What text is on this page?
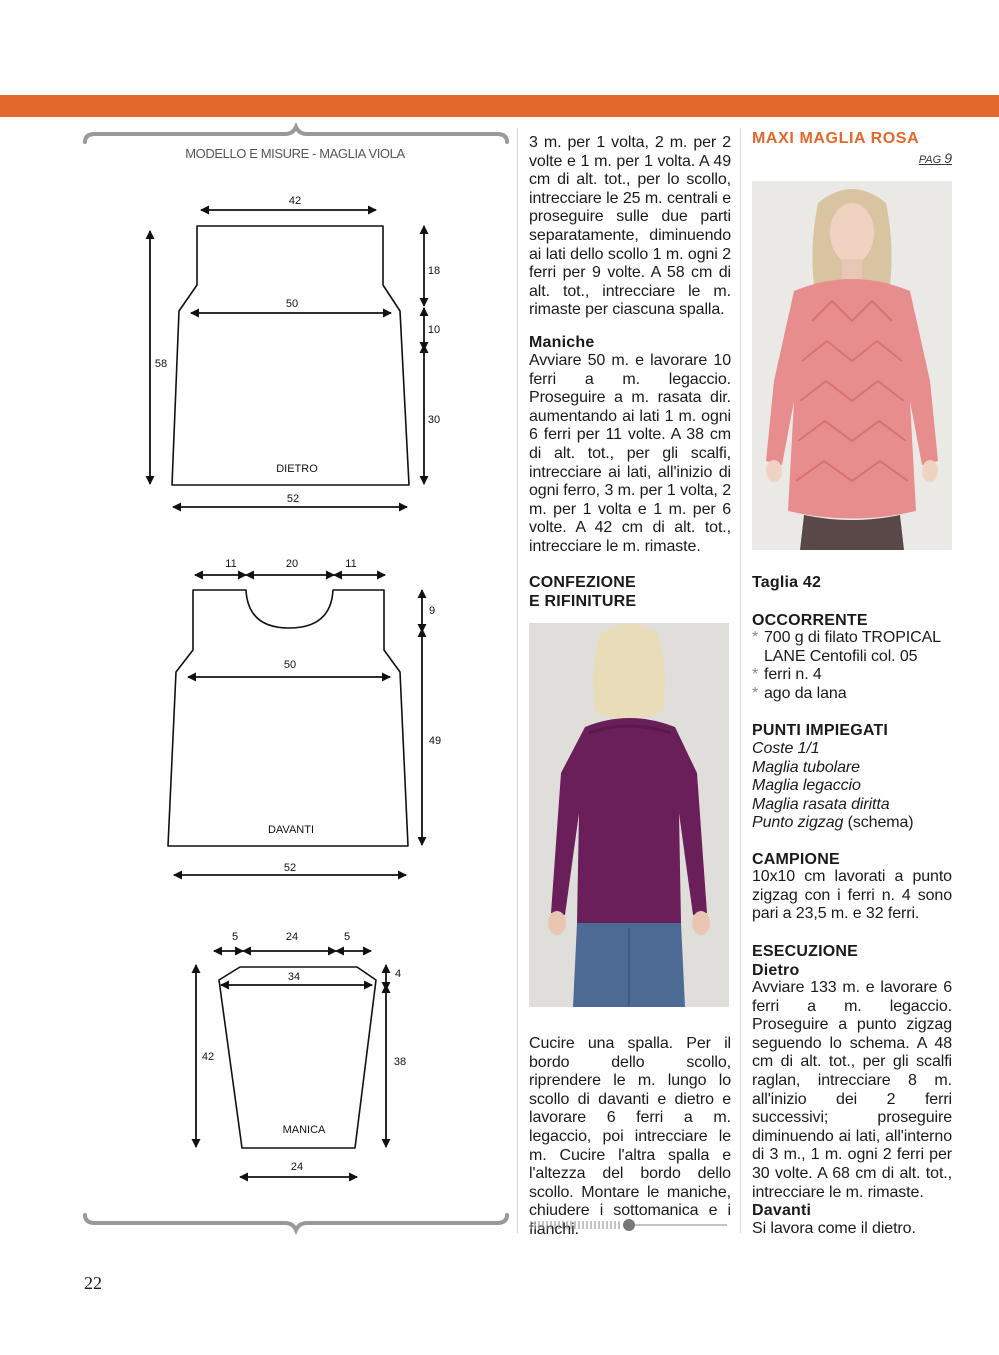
MODELLO E MISURE - MAGLIA VIOLA
42
50
52
58
18
10
30
DIETRO
11	20	11
50
52
9
49
DAVANTI
5	24	5
34
24
42
4
38
MANICA
3 m. per 1 volta, 2 m. per 2 volte e 1 m. per 1 volta. A 49 cm di alt. tot., per lo scollo, intrecciare le 25 m. centrali e proseguire sulle due parti separatamente, diminuendo ai lati dello scollo 1 m. ogni 2 ferri per 9 volte. A 58 cm di alt. tot., intrecciare le m. rimaste per ciascuna spalla.
Maniche
Avviare 50 m. e lavorare 10 ferri a m. legaccio. Proseguire a m. rasata dir. aumentando ai lati 1 m. ogni 6 ferri per 11 volte. A 38 cm di alt. tot., per gli scalfi, intrecciare ai lati, all'inizio di ogni ferro, 3 m. per 1 volta, 2 m. per 1 volta e 1 m. per 6 volte. A 42 cm di alt. tot., intrecciare le m. rimaste.
CONFEZIONE
E RIFINITURE
Cucire una spalla. Per il bordo dello scollo, riprendere le m. lungo lo scollo di davanti e dietro e lavorare 6 ferri a m. legaccio, poi intrecciare le m. Cucire l'altra spalla e l'altezza del bordo dello scollo. Montare le maniche, chiudere i sottomanica e i fianchi.
MAXI MAGLIA ROSA
PAG 9
Taglia 42
OCCORRENTE
* 700 g di filato TROPICAL LANE Centofili col. 05
* ferri n. 4
* ago da lana
PUNTI IMPIEGATI
Coste 1/1
Maglia tubolare
Maglia legaccio
Maglia rasata diritta
Punto zigzag (schema)
CAMPIONE
10x10 cm lavorati a punto zigzag con i ferri n. 4 sono pari a 23,5 m. e 32 ferri.
ESECUZIONE
Dietro
Avviare 133 m. e lavorare 6 ferri a m. legaccio. Proseguire a punto zigzag seguendo lo schema. A 48 cm di alt. tot., per gli scalfi raglan, intrecciare 8 m. all'inizio dei 2 ferri successivi; proseguire diminuendo ai lati, all'interno di 3 m., 1 m. ogni 2 ferri per 30 volte. A 68 cm di alt. tot., intrecciare le m. rimaste.
Davanti
Si lavora come il dietro.
22
